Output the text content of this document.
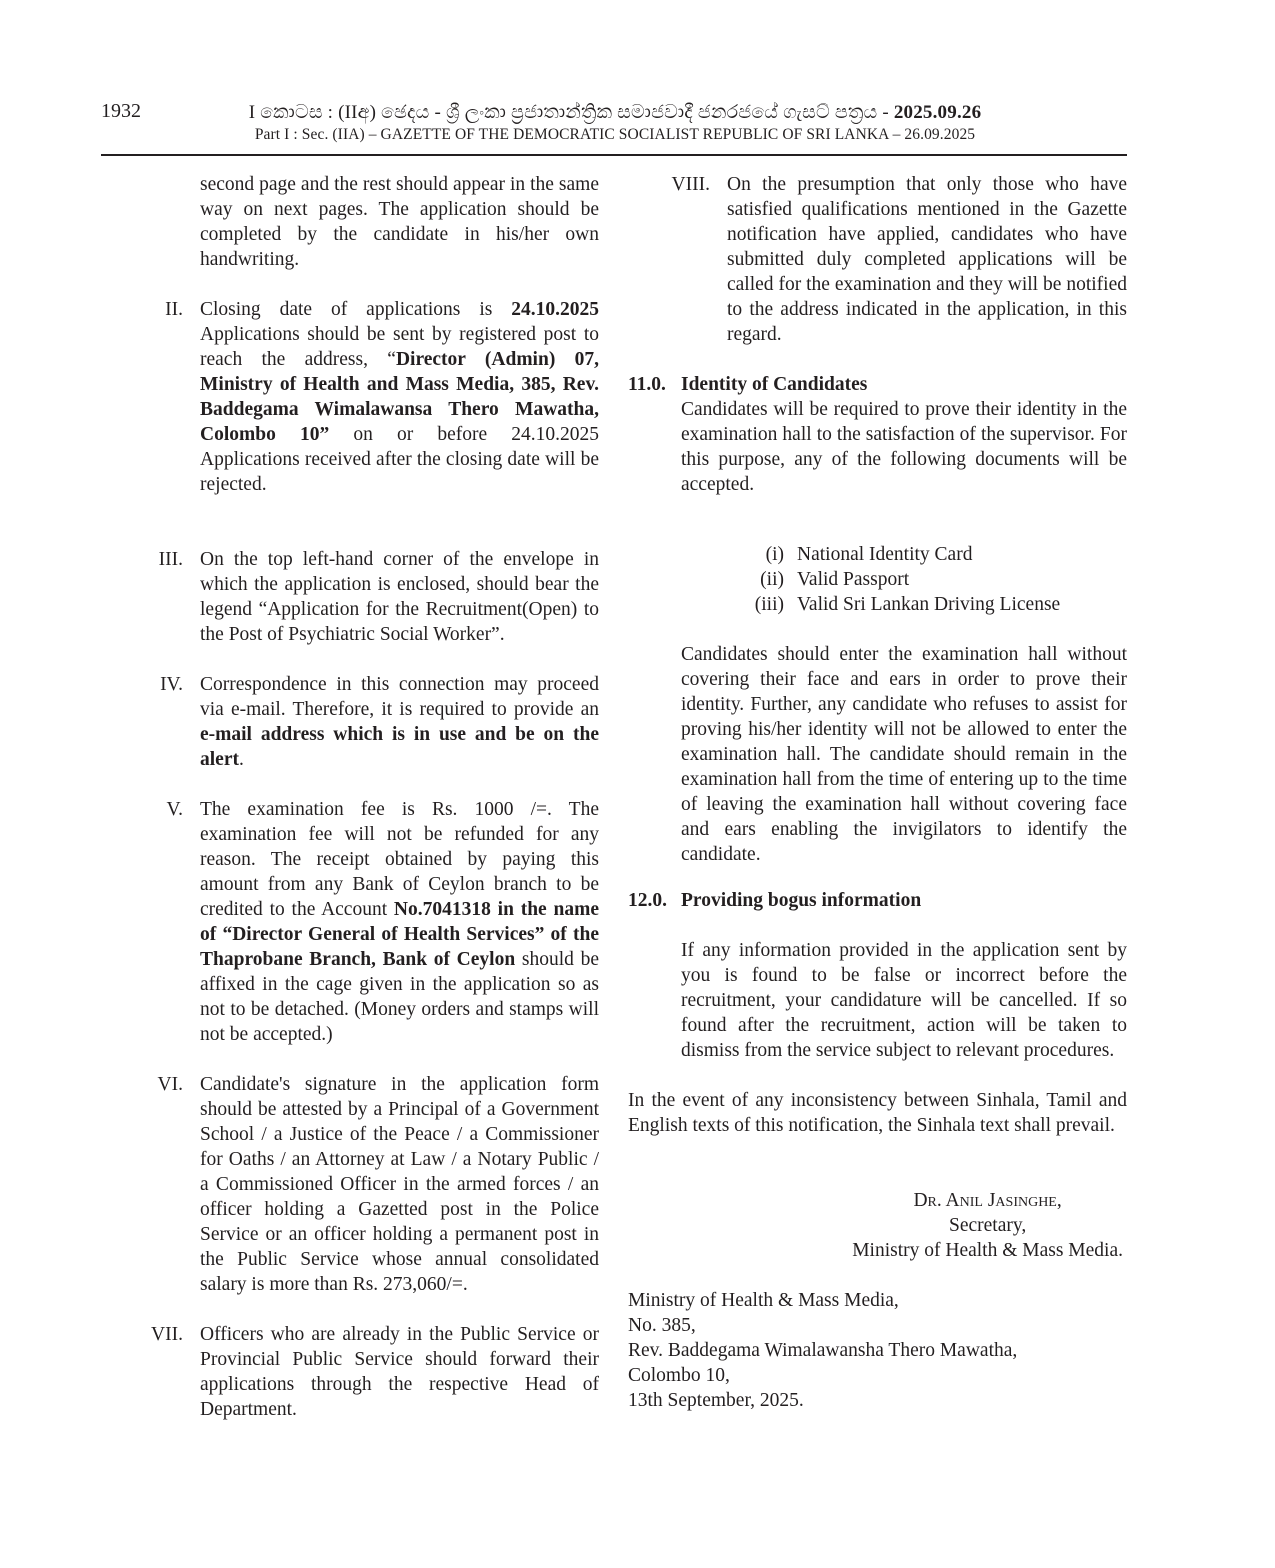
1932	I කොටස : (IIඅ) ඡෙදය - ශ්‍රී ලංකා ප්‍රජාතාන්ත්‍රික සමාජවාදී ජනරජයේ ගැසට් පත්‍රය - 2025.09.26
Part I : Sec. (IIA) – GAZETTE OF THE DEMOCRATIC SOCIALIST REPUBLIC OF SRI LANKA – 26.09.2025

second page and the rest should appear in the same way on next pages. The application should be completed by the candidate in his/her own handwriting.

II. Closing date of applications is 24.10.2025 Applications should be sent by registered post to reach the address, “Director (Admin) 07, Ministry of Health and Mass Media, 385, Rev. Baddegama Wimalawansa Thero Mawatha, Colombo 10” on or before 24.10.2025 Applications received after the closing date will be rejected.
III. On the top left-hand corner of the envelope in which the application is enclosed, should bear the legend “Application for the Recruitment(Open) to the Post of Psychiatric Social Worker”.
IV. Correspondence in this connection may proceed via e-mail. Therefore, it is required to provide an e-mail address which is in use and be on the alert.
V. The examination fee is Rs. 1000 /=. The examination fee will not be refunded for any reason. The receipt obtained by paying this amount from any Bank of Ceylon branch to be credited to the Account No.7041318 in the name of “Director General of Health Services” of the Thaprobane Branch, Bank of Ceylon should be affixed in the cage given in the application so as not to be detached. (Money orders and stamps will not be accepted.)
VI. Candidate's signature in the application form should be attested by a Principal of a Government School / a Justice of the Peace / a Commissioner for Oaths / an Attorney at Law / a Notary Public / a Commissioned Officer in the armed forces / an officer holding a Gazetted post in the Police Service or an officer holding a permanent post in the Public Service whose annual consolidated salary is more than Rs. 273,060/=.
VII. Officers who are already in the Public Service or Provincial Public Service should forward their applications through the respective Head of Department.
VIII. On the presumption that only those who have satisfied qualifications mentioned in the Gazette notification have applied, candidates who have submitted duly completed applications will be called for the examination and they will be notified to the address indicated in the application, in this regard.
11.0. Identity of Candidates

Candidates will be required to prove their identity in the examination hall to the satisfaction of the supervisor. For this purpose, any of the following documents will be accepted.

(i) National Identity Card
(ii) Valid Passport
(iii) Valid Sri Lankan Driving License

Candidates should enter the examination hall without covering their face and ears in order to prove their identity. Further, any candidate who refuses to assist for proving his/her identity will not be allowed to enter the examination hall. The candidate should remain in the examination hall from the time of entering up to the time of leaving the examination hall without covering face and ears enabling the invigilators to identify the candidate.

12.0. Providing bogus information

If any information provided in the application sent by you is found to be false or incorrect before the recruitment, your candidature will be cancelled. If so found after the recruitment, action will be taken to dismiss from the service subject to relevant procedures.

In the event of any inconsistency between Sinhala, Tamil and English texts of this notification, the Sinhala text shall prevail.

Dr. Anil Jasinghe,
Secretary,
Ministry of Health & Mass Media.
Ministry of Health & Mass Media,
No. 385,
Rev. Baddegama Wimalawansha Thero Mawatha,
Colombo 10,
13th September, 2025.
